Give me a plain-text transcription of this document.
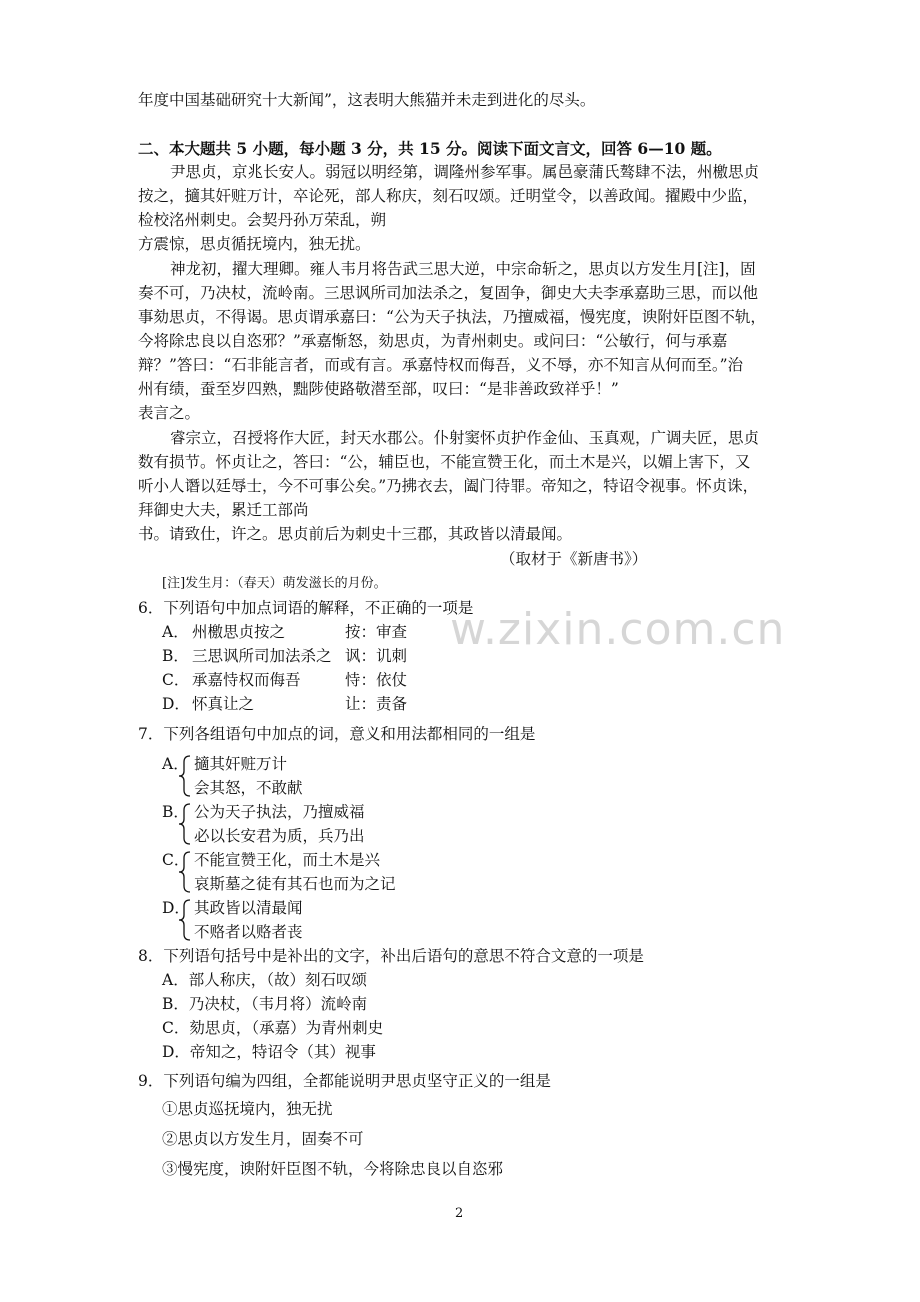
年度中国基础研究十大新闻”，这表明大熊猫并未走到进化的尽头。
二、本大题共 5 小题，每小题 3 分，共 15 分。阅读下面文言文，回答 6—10 题。
尹思贞，京兆长安人。弱冠以明经第，调隆州参军事。属邑豪蒲氏骜肆不法，州檄思贞
按之，擿其奸赃万计，卒论死，部人称庆，刻石叹颂。迁明堂令，以善政闻。擢殿中少监，
检校洺州刺史。会契丹孙万荣乱，朔
方震惊，思贞循抚境内，独无扰。
神龙初，擢大理卿。雍人韦月将告武三思大逆，中宗命斩之，思贞以方发生月[注]，固
奏不可，乃决杖，流岭南。三思讽所司加法杀之，复固争，御史大夫李承嘉助三思，而以他
事劾思贞，不得谒。思贞谓承嘉曰：“公为天子执法，乃擅威福，慢宪度，谀附奸臣图不轨，
今将除忠良以自恣邪？”承嘉惭怒，劾思贞，为青州刺史。或问曰：“公敏行，何与承嘉
辩？”答曰：“石非能言者，而或有言。承嘉恃权而侮吾，义不辱，亦不知言从何而至。”治
州有绩，蚕至岁四熟，黜陟使路敬潜至部，叹曰：“是非善政致祥乎！”
表言之。
睿宗立，召授将作大匠，封天水郡公。仆射窦怀贞护作金仙、玉真观，广调夫匠，思贞
数有损节。怀贞让之，答曰：“公，辅臣也，不能宣赞王化，而土木是兴，以媚上害下，又
听小人谮以廷辱士，今不可事公矣。”乃拂衣去，阖门待罪。帝知之，特诏令视事。怀贞诛，
拜御史大夫，累迁工部尚
书。请致仕，许之。思贞前后为刺史十三郡，其政皆以清最闻。
（取材于《新唐书》）
[注]发生月：（春天）萌发滋长的月份。
w.zixin.com.cn
6．下列语句中加点词语的解释，不正确的一项是
A． 州檄思贞按之	按：审查
B． 三思讽所司加法杀之 讽：讥刺
C． 承嘉恃权而侮吾	恃：依仗
D． 怀真让之	让：责备
7．下列各组语句中加点的词，意义和用法都相同的一组是
A． 擿其奸赃万计
会其怒，不敢献
B． 公为天子执法，乃擅威福
必以长安君为质，兵乃出
C． 不能宣赞王化，而土木是兴
哀斯墓之徒有其石也而为之记
D． 其政皆以清最闻
不赂者以赂者丧
8．下列语句括号中是补出的文字，补出后语句的意思不符合文意的一项是
A．部人称庆，（故）刻石叹颂
B．乃决杖，（韦月将）流岭南
C．劾思贞，（承嘉）为青州刺史
D．帝知之，特诏令（其）视事
9．下列语句编为四组，全都能说明尹思贞坚守正义的一组是
①思贞巡抚境内，独无扰
②思贞以方发生月，固奏不可
③慢宪度，谀附奸臣图不轨，今将除忠良以自恣邪
2
